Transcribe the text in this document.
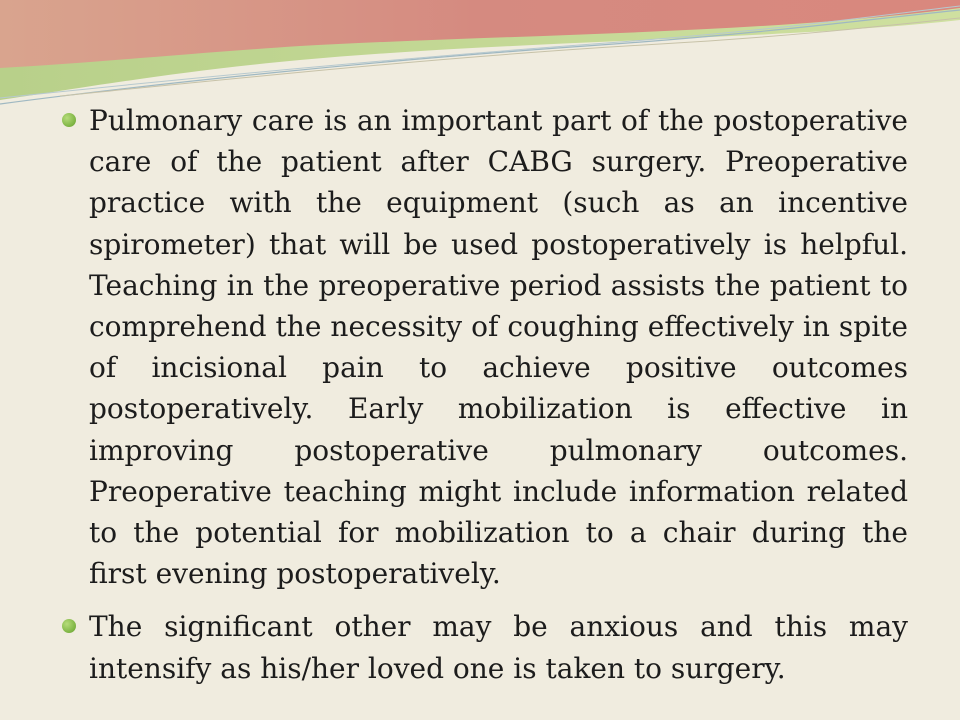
Pulmonary care is an important part of the postoperative care of the patient after CABG surgery. Preoperative practice with the equipment (such as an incentive spirometer) that will be used postoperatively is helpful. Teaching in the preoperative period assists the patient to comprehend the necessity of coughing effectively in spite of incisional pain to achieve positive outcomes postoperatively. Early mobilization is effective in improving postoperative pulmonary outcomes. Preoperative teaching might include information related to the potential for mobilization to a chair during the first evening postoperatively.
The significant other may be anxious and this may intensify as his/her loved one is taken to surgery.
